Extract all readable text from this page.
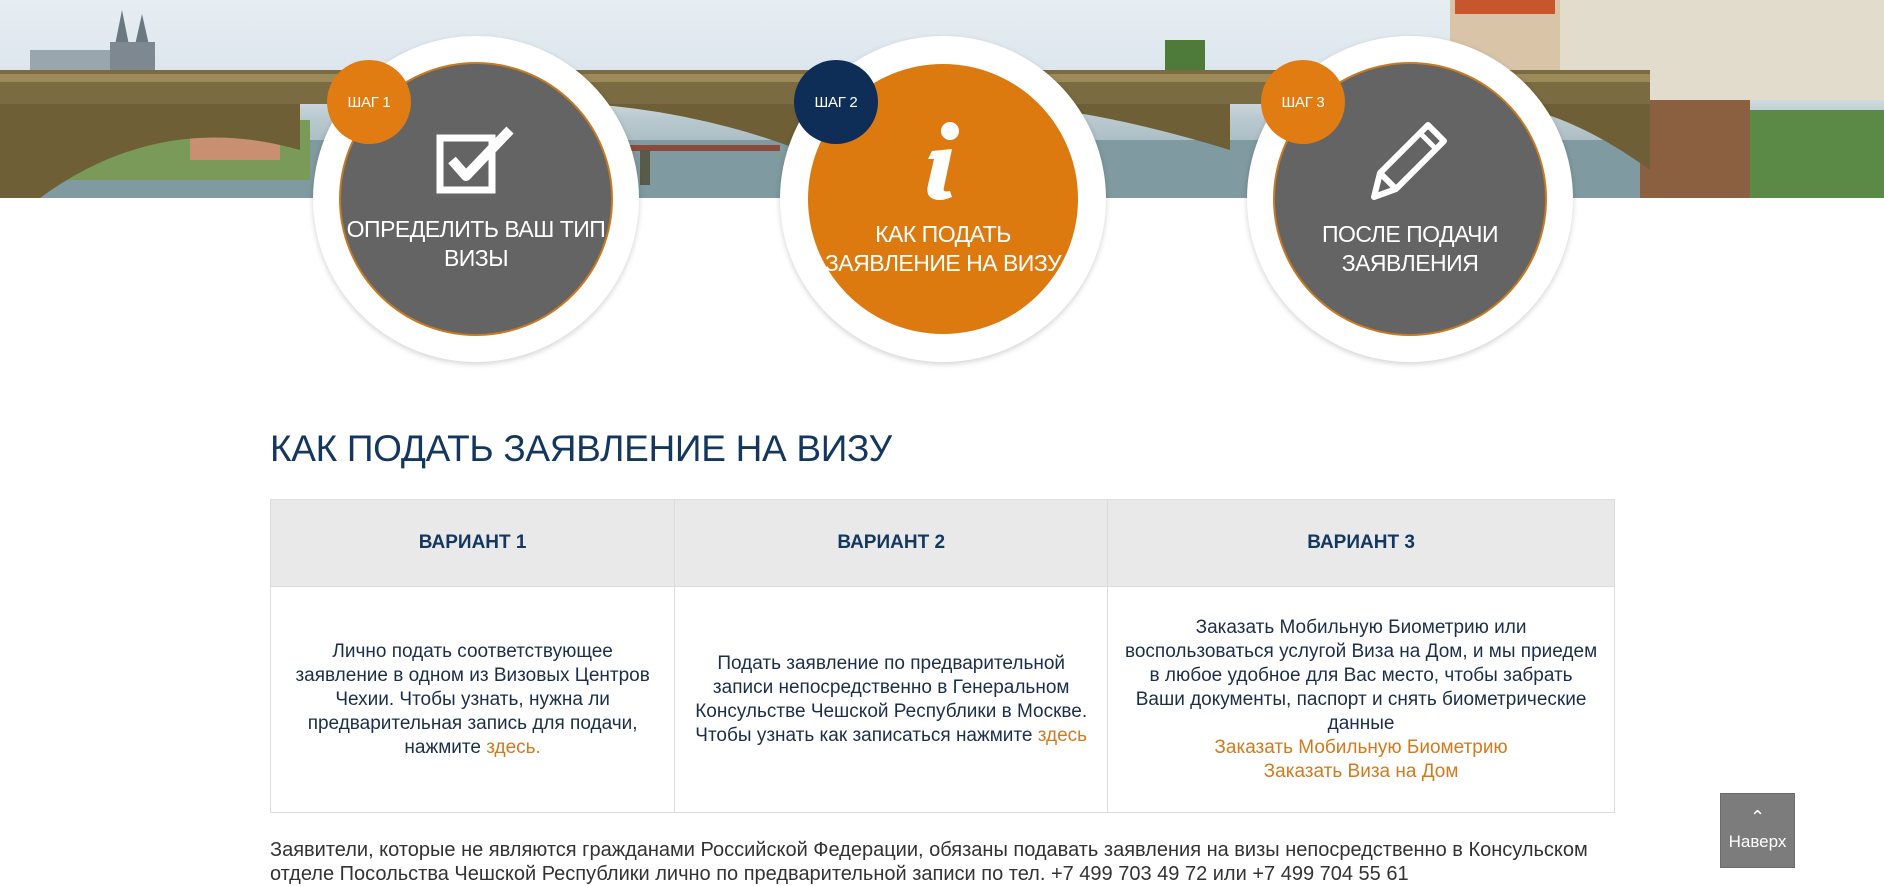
ОПРЕДЕЛИТЬ ВАШ ТИП ВИЗЫ
ШАГ 1
КАК ПОДАТЬ ЗАЯВЛЕНИЕ НА ВИЗУ
ШАГ 2
ПОСЛЕ ПОДАЧИ ЗАЯВЛЕНИЯ
ШАГ 3
КАК ПОДАТЬ ЗАЯВЛЕНИЕ НА ВИЗУ
ВАРИАНТ 1	ВАРИАНТ 2	ВАРИАНТ 3
Лично подать соответствующее заявление в одном из Визовых Центров Чехии. Чтобы узнать, нужна ли предварительная запись для подачи, нажмите здесь.	Подать заявление по предварительной записи непосредственно в Генеральном Консульстве Чешской Республики в Москве. Чтобы узнать как записаться нажмите здесь	Заказать Мобильную Биометрию или воспользоваться услугой Виза на Дом, и мы приедем в любое удобное для Вас место, чтобы забрать Ваши документы, паспорт и снять биометрические данные
Заказать Мобильную Биометрию
Заказать Виза на Дом
Заявители, которые не являются гражданами Российской Федерации, обязаны подавать заявления на визы непосредственно в Консульском отделе Посольства Чешской Республики лично по предварительной записи по тел. +7 499 703 49 72 или +7 499 704 55 61
⌃
Наверх
